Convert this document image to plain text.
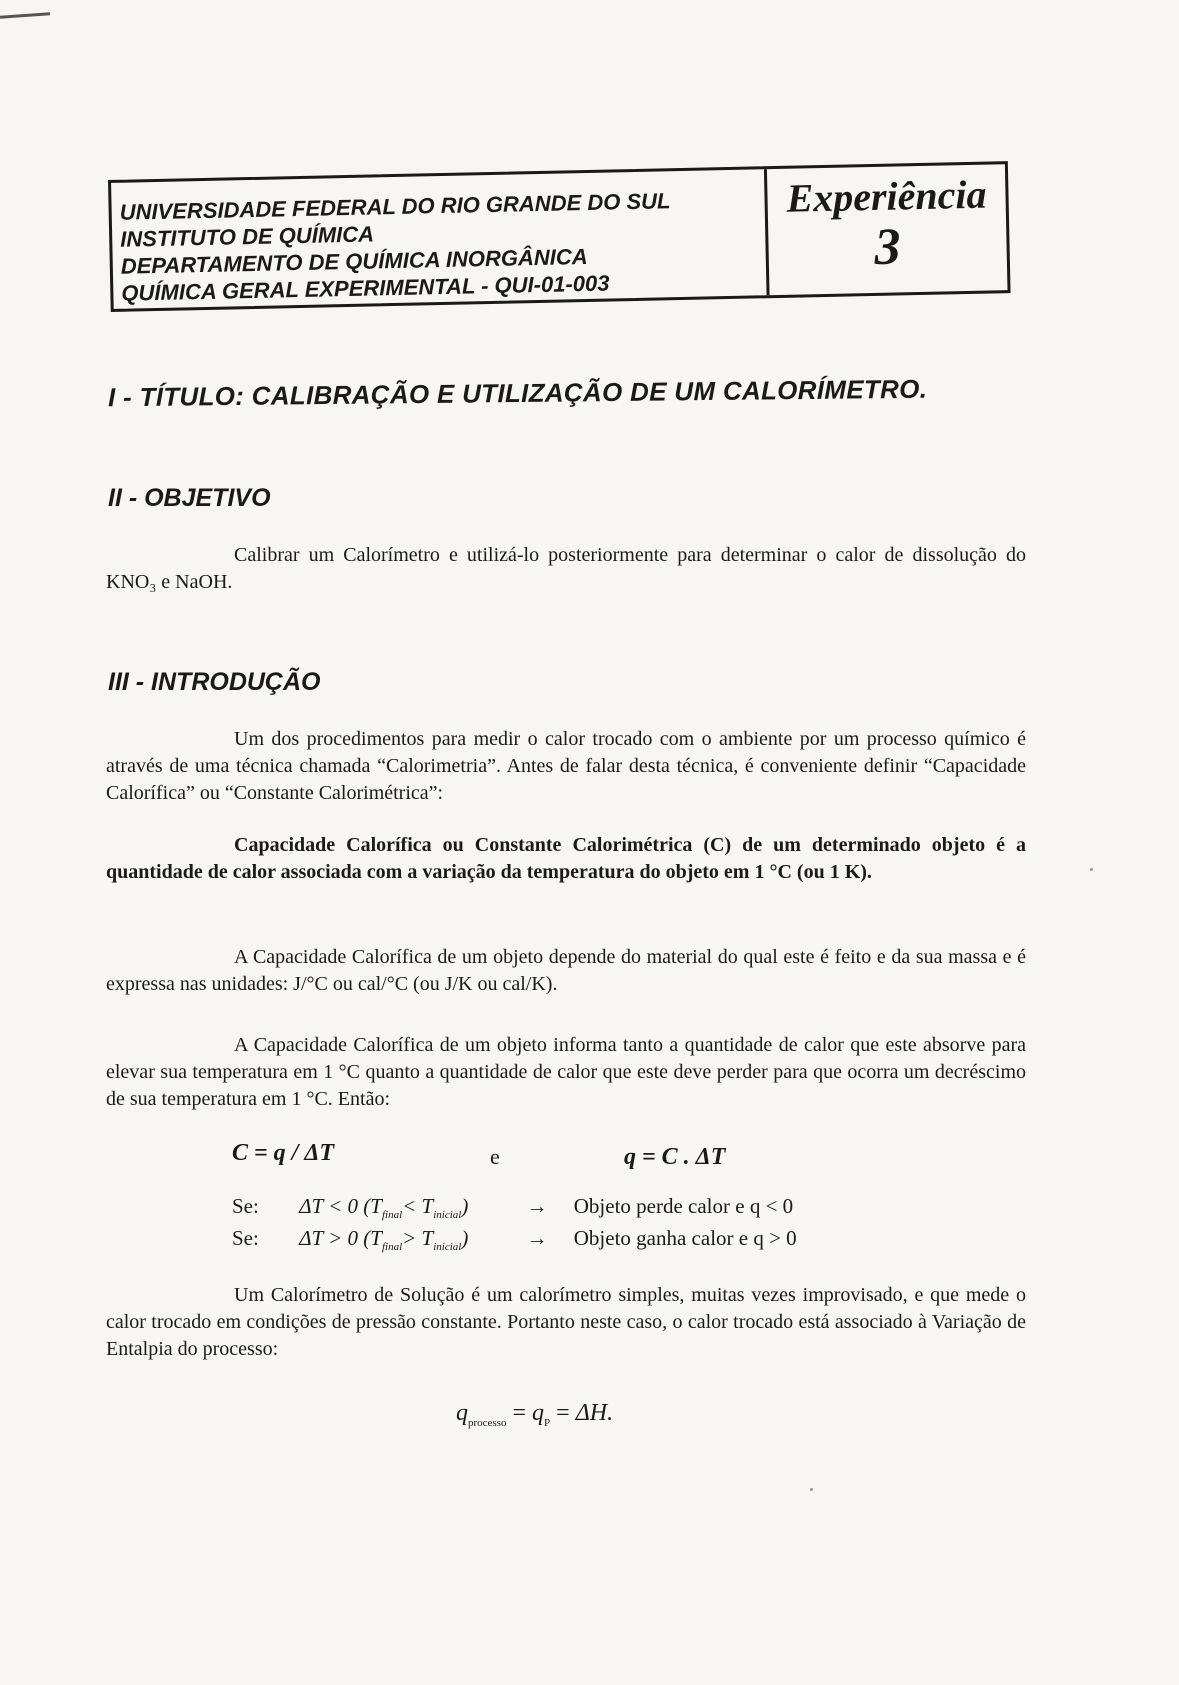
UNIVERSIDADE FEDERAL DO RIO GRANDE DO SUL
INSTITUTO DE QUÍMICA
DEPARTAMENTO DE QUÍMICA INORGÂNICA
QUÍMICA GERAL EXPERIMENTAL - QUI-01-003
Experiência
3
I - TÍTULO: CALIBRAÇÃO E UTILIZAÇÃO DE UM CALORÍMETRO.
II - OBJETIVO
Calibrar um Calorímetro e utilizá-lo posteriormente para determinar o calor de dissolução do KNO₃ e NaOH.
III - INTRODUÇÃO
Um dos procedimentos para medir o calor trocado com o ambiente por um processo químico é através de uma técnica chamada “Calorimetria”. Antes de falar desta técnica, é conveniente definir “Capacidade Calorífica” ou “Constante Calorimétrica”:
Capacidade Calorífica ou Constante Calorimétrica (C) de um determinado objeto é a quantidade de calor associada com a variação da temperatura do objeto em 1 °C (ou 1 K).
A Capacidade Calorífica de um objeto depende do material do qual este é feito e da sua massa e é expressa nas unidades: J/°C ou cal/°C (ou J/K ou cal/K).
A Capacidade Calorífica de um objeto informa tanto a quantidade de calor que este absorve para elevar sua temperatura em 1 °C quanto a quantidade de calor que este deve perder para que ocorra um decréscimo de sua temperatura em 1 °C. Então:
C = q / ΔT	e	q = C . ΔT
Se: ΔT < 0 $(T_{final}< T_{inicial})$	→ Objeto perde calor e q < 0
Se: ΔT > 0 $(T_{final}> T_{inicial})$	→ Objeto ganha calor e q > 0
Um Calorímetro de Solução é um calorímetro simples, muitas vezes improvisado, e que mede o calor trocado em condições de pressão constante. Portanto neste caso, o calor trocado está associado à Variação de Entalpia do processo:
$q_{processo} = q_P = \Delta H$.
